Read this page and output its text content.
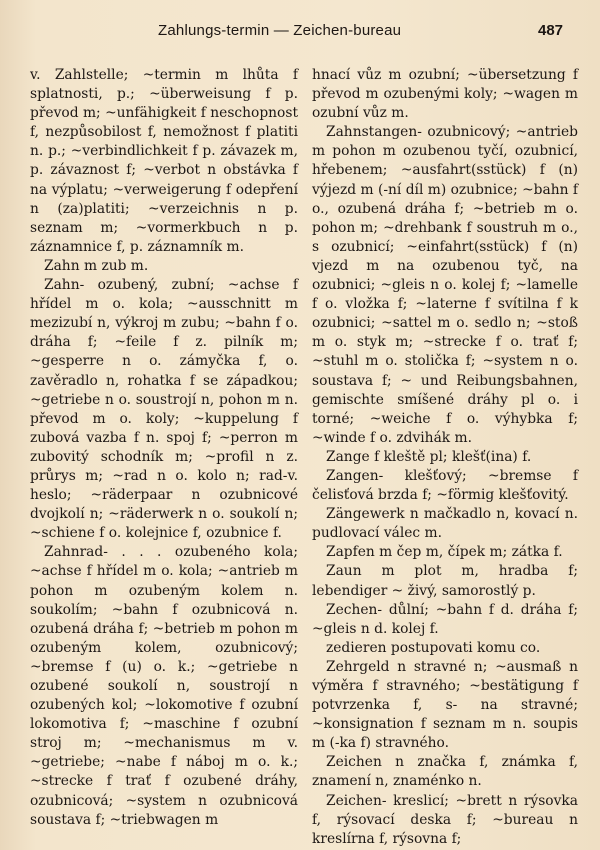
Zahlungs-termin — Zeichen-bureau	487

v. Zahlstelle; ~termin m lhůta f splatnosti, p.; ~überweisung f p. převod m; ~unfähigkeit f neschopnost f, nezpůsobilost f, nemožnost f platiti n. p.; ~verbindlichkeit f p. závazek m, p. závaznost f; ~verbot n obstávka f na výplatu; ~verweigerung f odepření n (za)platiti; ~verzeichnis n p. seznam m; ~vormerkbuch n p. záznamnice f, p. záznamník m.

Zahn m zub m.

Zahn- ozubený, zubní; ~achse f hřídel m o. kola; ~ausschnitt m mezizubí n, výkroj m zubu; ~bahn f o. dráha f; ~feile f z. pilník m; ~gesperre n o. zámyčka f, o. zavěradlo n, rohatka f se západkou; ~getriebe n o. soustrojí n, pohon m n. převod m o. koly; ~kuppelung f zubová vazba f n. spoj f; ~perron m zubovitý schodník m; ~profil n z. průrys m; ~rad n o. kolo n; rad-v. heslo; ~räderpaar n ozubnicové dvojkolí n; ~räderwerk n o. soukolí n; ~schiene f o. kolejnice f, ozubnice f.

Zahnrad- . . . ozubeného kola; ~achse f hřídel m o. kola; ~antrieb m pohon m ozubeným kolem n. soukolím; ~bahn f ozubnicová n. ozubená dráha f; ~betrieb m pohon m ozubeným kolem, ozubnicový; ~bremse f (u) o. k.; ~getriebe n ozubené soukolí n, soustrojí n ozubených kol; ~lokomotive f ozubní lokomotiva f; ~maschine f ozubní stroj m; ~mechanismus m v. ~getriebe; ~nabe f náboj m o. k.; ~strecke f trať f ozubené dráhy, ozubnicová; ~system n ozubnicová soustava f; ~triebwagen m

hnací vůz m ozubní; ~übersetzung f převod m ozubenými koly; ~wagen m ozubní vůz m.

Zahnstangen- ozubnicový; ~antrieb m pohon m ozubenou tyčí, ozubnicí, hřebenem; ~ausfahrt(sstück) f (n) výjezd m (-ní díl m) ozubnice; ~bahn f o., ozubená dráha f; ~betrieb m o. pohon m; ~drehbank f soustruh m o., s ozubnicí; ~einfahrt(sstück) f (n) vjezd m na ozubenou tyč, na ozubnici; ~gleis n o. kolej f; ~lamelle f o. vložka f; ~laterne f svítilna f k ozubnici; ~sattel m o. sedlo n; ~stoß m o. styk m; ~strecke f o. trať f; ~stuhl m o. stolička f; ~system n o. soustava f; ~ und Reibungsbahnen, gemischte smíšené dráhy pl o. i torné; ~weiche f o. výhybka f; ~winde f o. zdvihák m.

Zange f kleště pl; klešť(ina) f.

Zangen- klešťový; ~bremse f čelisťová brzda f; ~förmig klešťovitý.

Zängewerk n mačkadlo n, kovací n. pudlovací válec m.

Zapfen m čep m, čípek m; zátka f.

Zaun m plot m, hradba f; lebendiger ~ živý, samorostlý p.

Zechen- důlní; ~bahn f d. dráha f; ~gleis n d. kolej f.

zedieren postupovati komu co.

Zehrgeld n stravné n; ~ausmaß n výměra f stravného; ~bestätigung f potvrzenka f, s- na stravné; ~konsignation f seznam m n. soupis m (-ka f) stravného.

Zeichen n značka f, známka f, znamení n, znaménko n.

Zeichen- kreslicí; ~brett n rýsovka f, rýsovací deska f; ~bureau n kreslírna f, rýsovna f;
